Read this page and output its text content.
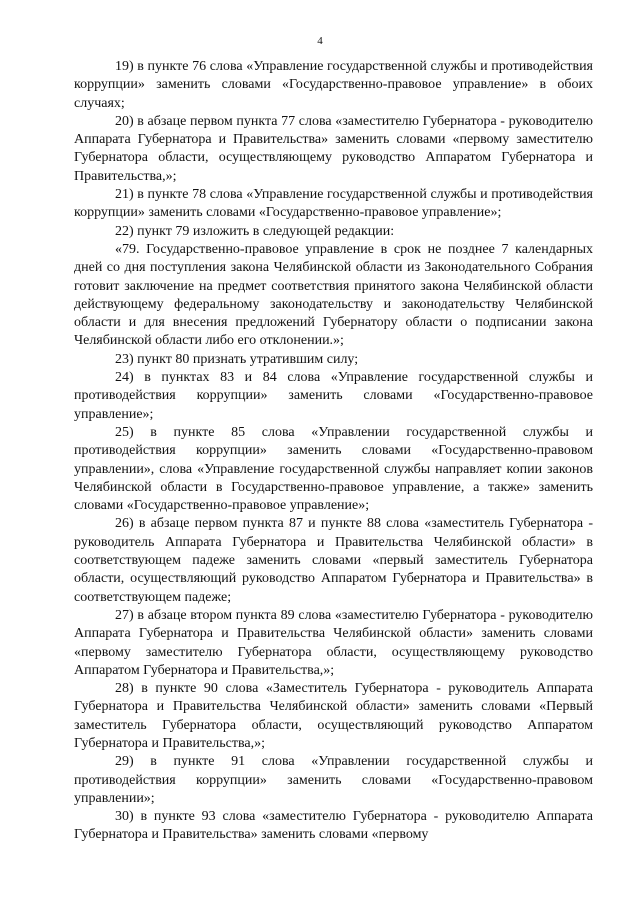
4

19) в пункте 76 слова «Управление государственной службы и противодействия коррупции» заменить словами «Государственно-правовое управление» в обоих случаях;

20) в абзаце первом пункта 77 слова «заместителю Губернатора - руководителю Аппарата Губернатора и Правительства» заменить словами «первому заместителю Губернатора области, осуществляющему руководство Аппаратом Губернатора и Правительства,»;

21) в пункте 78 слова «Управление государственной службы и противодействия коррупции» заменить словами «Государственно-правовое управление»;

22) пункт 79 изложить в следующей редакции:

«79. Государственно-правовое управление в срок не позднее 7 календарных дней со дня поступления закона Челябинской области из Законодательного Собрания готовит заключение на предмет соответствия принятого закона Челябинской области действующему федеральному законодательству и законодательству Челябинской области и для внесения предложений Губернатору области о подписании закона Челябинской области либо его отклонении.»;

23) пункт 80 признать утратившим силу;

24) в пунктах 83 и 84 слова «Управление государственной службы и противодействия коррупции» заменить словами «Государственно-правовое управление»;

25) в пункте 85 слова «Управлении государственной службы и противодействия коррупции» заменить словами «Государственно-правовом управлении», слова «Управление государственной службы направляет копии законов Челябинской области в Государственно-правовое управление, а также» заменить словами «Государственно-правовое управление»;

26) в абзаце первом пункта 87 и пункте 88 слова «заместитель Губернатора - руководитель Аппарата Губернатора и Правительства Челябинской области» в соответствующем падеже заменить словами «первый заместитель Губернатора области, осуществляющий руководство Аппаратом Губернатора и Правительства» в соответствующем падеже;

27) в абзаце втором пункта 89 слова «заместителю Губернатора - руководителю Аппарата Губернатора и Правительства Челябинской области» заменить словами «первому заместителю Губернатора области, осуществляющему руководство Аппаратом Губернатора и Правительства,»;

28) в пункте 90 слова «Заместитель Губернатора - руководитель Аппарата Губернатора и Правительства Челябинской области» заменить словами «Первый заместитель Губернатора области, осуществляющий руководство Аппаратом Губернатора и Правительства,»;

29) в пункте 91 слова «Управлении государственной службы и противодействия коррупции» заменить словами «Государственно-правовом управлении»;

30) в пункте 93 слова «заместителю Губернатора - руководителю Аппарата Губернатора и Правительства» заменить словами «первому
